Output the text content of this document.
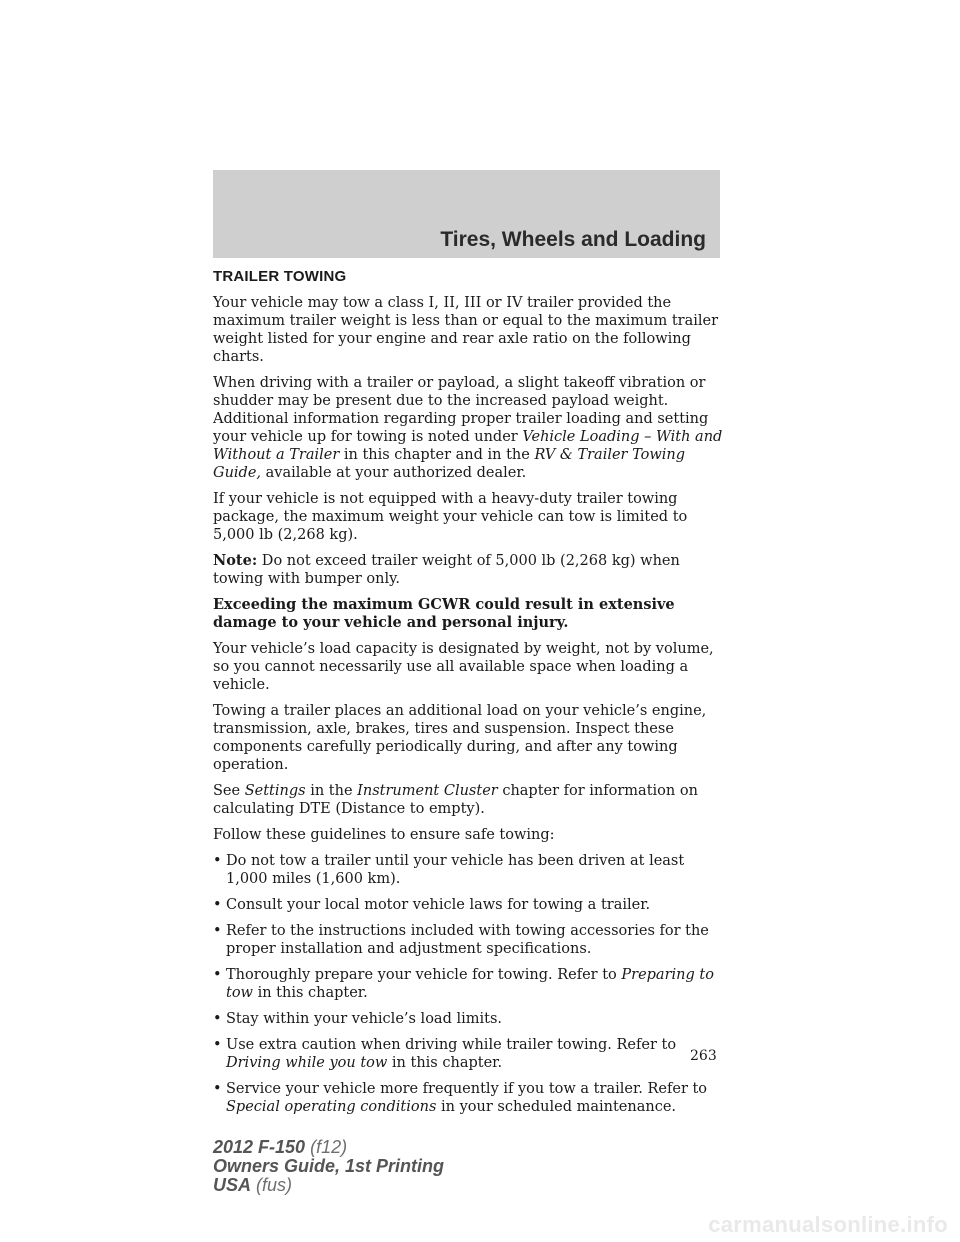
Tires, Wheels and Loading
TRAILER TOWING

Your vehicle may tow a class I, II, III or IV trailer provided the maximum trailer weight is less than or equal to the maximum trailer weight listed for your engine and rear axle ratio on the following charts.

When driving with a trailer or payload, a slight takeoff vibration or shudder may be present due to the increased payload weight. Additional information regarding proper trailer loading and setting your vehicle up for towing is noted under Vehicle Loading – With and Without a Trailer in this chapter and in the RV & Trailer Towing Guide, available at your authorized dealer.

If your vehicle is not equipped with a heavy-duty trailer towing package, the maximum weight your vehicle can tow is limited to 5,000 lb (2,268 kg).

Note: Do not exceed trailer weight of 5,000 lb (2,268 kg) when towing with bumper only.

Exceeding the maximum GCWR could result in extensive damage to your vehicle and personal injury.

Your vehicle’s load capacity is designated by weight, not by volume, so you cannot necessarily use all available space when loading a vehicle.

Towing a trailer places an additional load on your vehicle’s engine, transmission, axle, brakes, tires and suspension. Inspect these components carefully periodically during, and after any towing operation.

See Settings in the Instrument Cluster chapter for information on calculating DTE (Distance to empty).

Follow these guidelines to ensure safe towing:

• Do not tow a trailer until your vehicle has been driven at least 1,000 miles (1,600 km).
• Consult your local motor vehicle laws for towing a trailer.
• Refer to the instructions included with towing accessories for the proper installation and adjustment specifications.
• Thoroughly prepare your vehicle for towing. Refer to Preparing to tow in this chapter.
• Stay within your vehicle’s load limits.
• Use extra caution when driving while trailer towing. Refer to Driving while you tow in this chapter.
• Service your vehicle more frequently if you tow a trailer. Refer to Special operating conditions in your scheduled maintenance.
263
2012 F-150 (f12)
Owners Guide, 1st Printing
USA (fus)
carmanualsonline.info
